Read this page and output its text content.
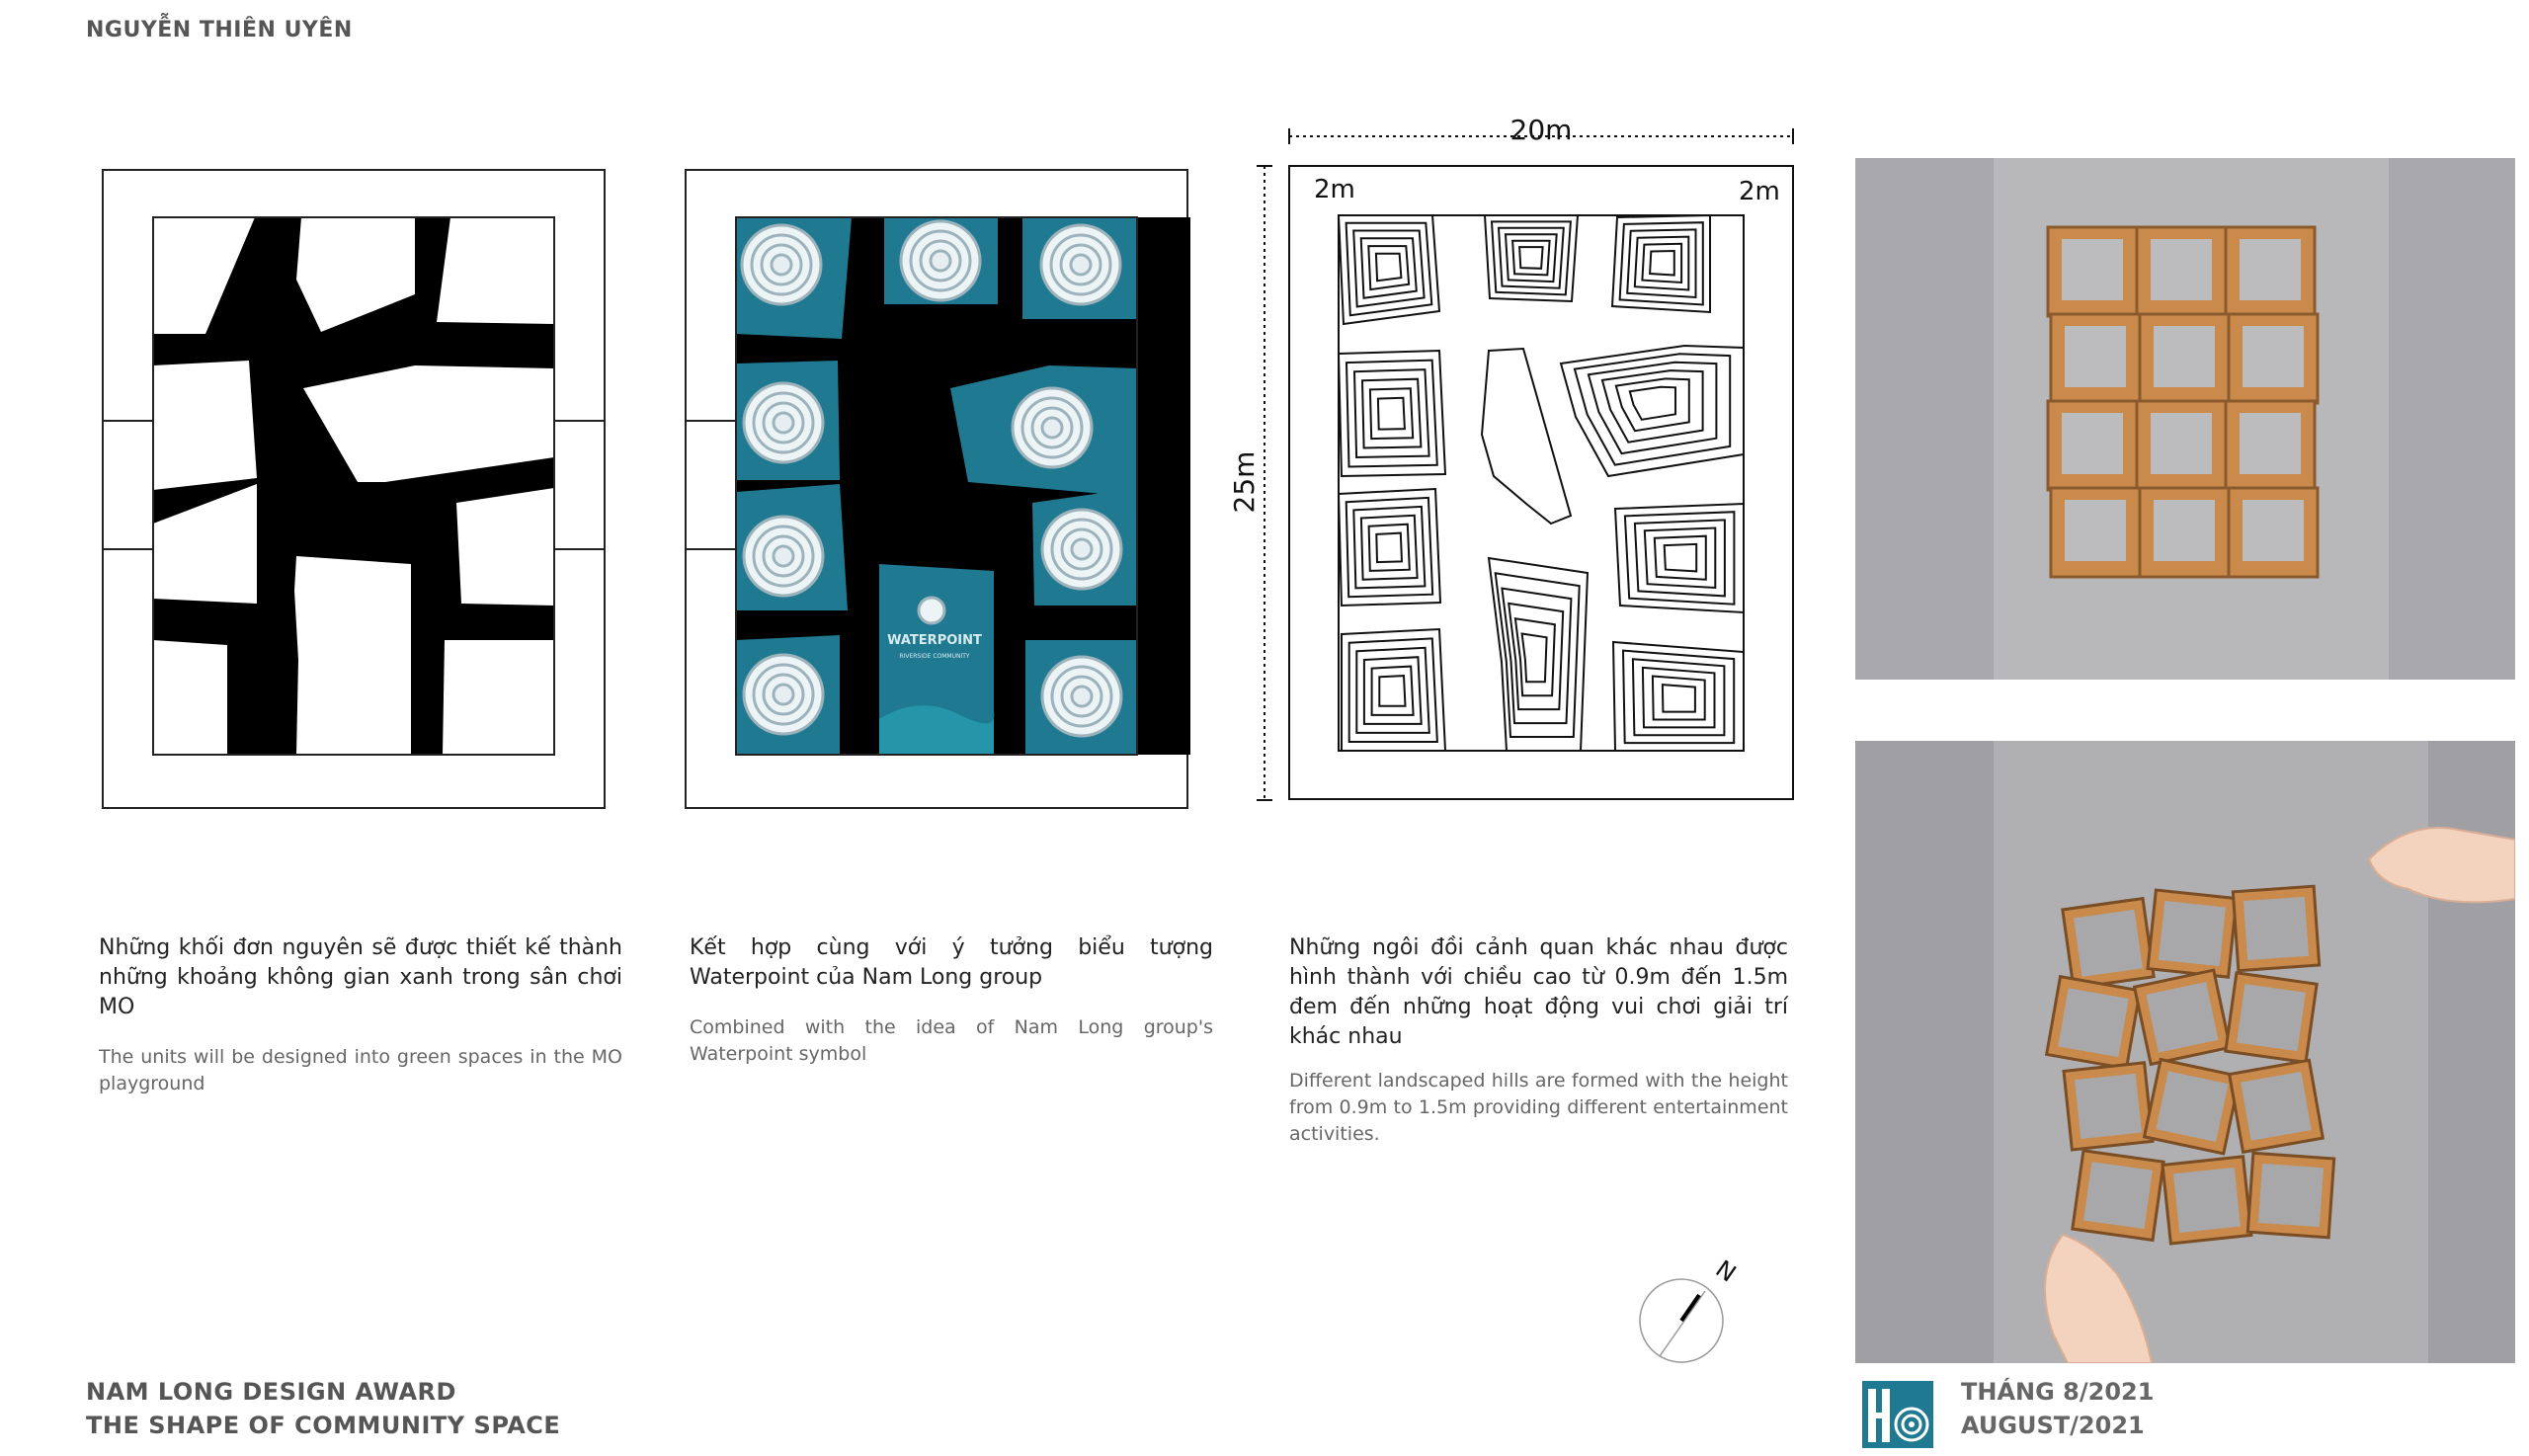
NGUYỄN THIÊN UYÊN
WATERPOINT
RIVERSIDE COMMUNITY
20m
2m	2m
25m
Những khối đơn nguyên sẽ được thiết kế thành những khoảng không gian xanh trong sân chơi MO
The units will be designed into green spaces in the MO playground
Kết hợp cùng với ý tưởng biểu tượng Waterpoint của Nam Long group
Combined with the idea of Nam Long group's Waterpoint symbol
Những ngôi đồi cảnh quan khác nhau được hình thành với chiều cao từ 0.9m đến 1.5m đem đến những hoạt động vui chơi giải trí khác nhau
Different landscaped hills are formed with the height from 0.9m to 1.5m providing different entertainment activities.
N
NAM LONG DESIGN AWARD
THE SHAPE OF COMMUNITY SPACE
THÁNG 8/2021
AUGUST/2021
